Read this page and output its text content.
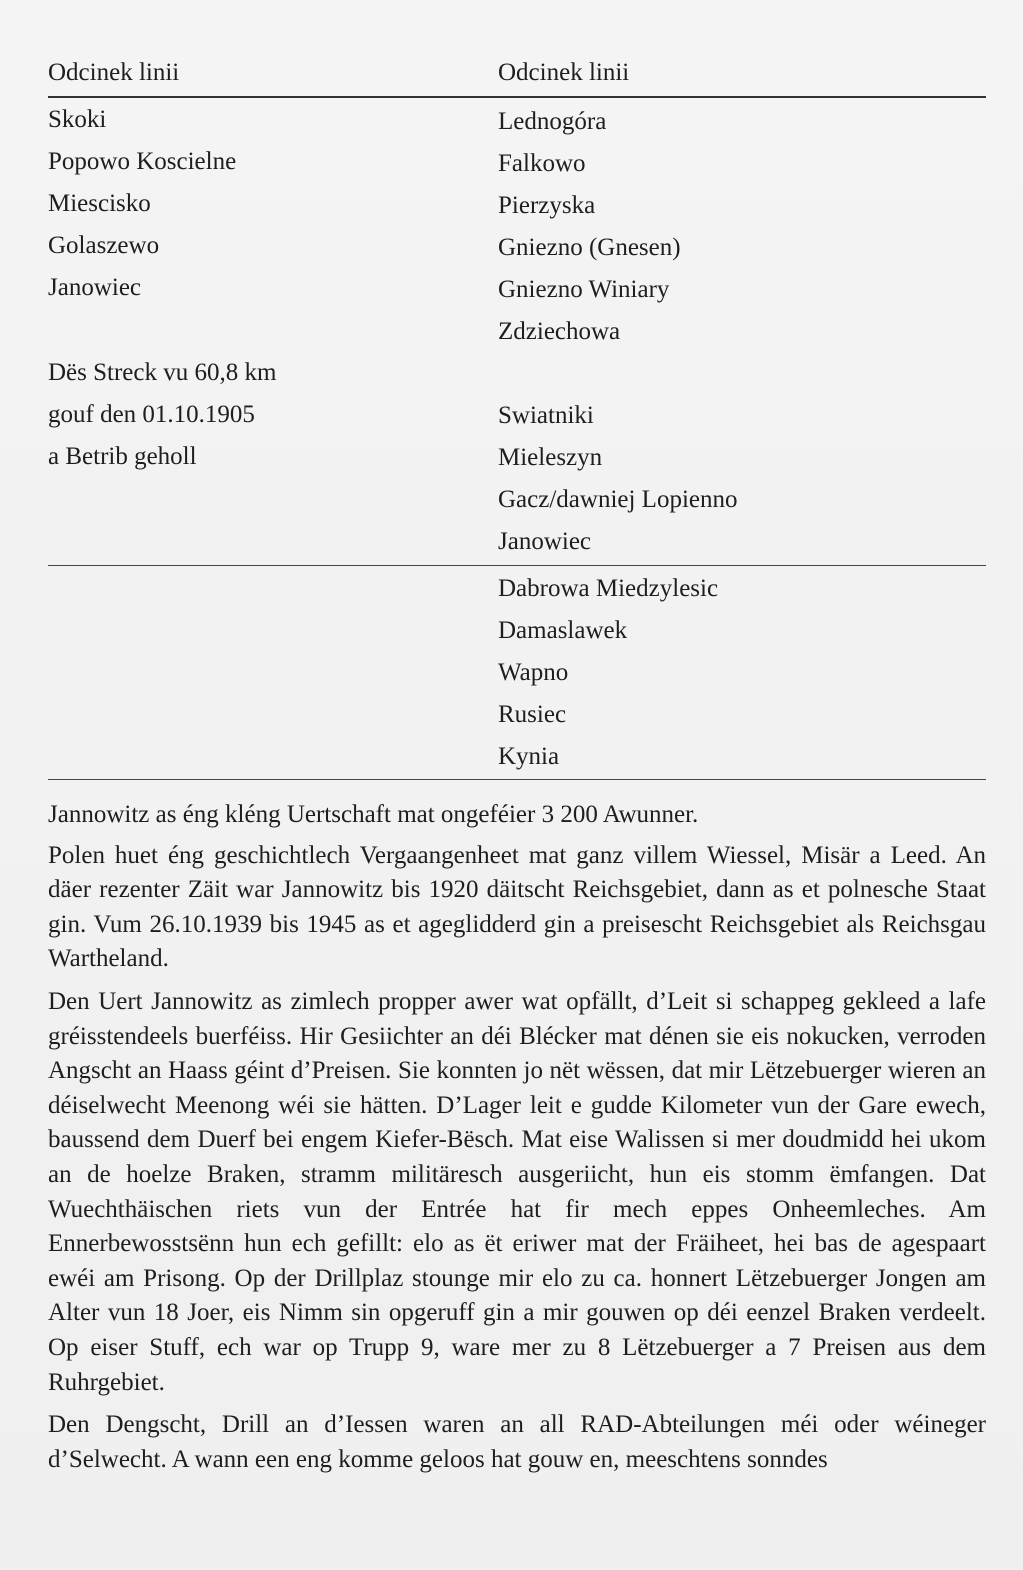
Odcinek linii	Odcinek linii
Skoki
Popowo Koscielne
Miescisko
Golaszewo
Janowiec
Dës Streck vu 60,8 km
gouf den 01.10.1905
a Betrib geholl
Lednogóra
Falkowo
Pierzyska
Gniezno (Gnesen)
Gniezno Winiary
Zdziechowa
Swiatniki
Mieleszyn
Gacz/dawniej Lopienno
Janowiec
Dabrowa Miedzylesic
Damaslawek
Wapno
Rusiec
Kynia

Jannowitz as éng kléng Uertschaft mat ongeféier 3 200 Awunner.

Polen huet éng geschichtlech Vergaangenheet mat ganz villem Wiessel, Misär a Leed. An däer rezenter Zäit war Jannowitz bis 1920 däitscht Reichsgebiet, dann as et polnesche Staat gin. Vum 26.10.1939 bis 1945 as et ageglidderd gin a preisescht Reichsgebiet als Reichsgau Wartheland.

Den Uert Jannowitz as zimlech propper awer wat opfällt, d’Leit si schappeg gekleed a lafe gréisstendeels buerféiss. Hir Gesiichter an déi Blécker mat dénen sie eis nokucken, verroden Angscht an Haass géint d’Preisen. Sie konnten jo nët wëssen, dat mir Lëtzebuerger wieren an déiselwecht Meenong wéi sie hätten. D’Lager leit e gudde Kilometer vun der Gare ewech, baussend dem Duerf bei engem Kiefer-Bësch. Mat eise Walissen si mer doudmidd hei ukom an de hoelze Braken, stramm militäresch ausgeriicht, hun eis stomm ëmfangen. Dat Wuechthäischen riets vun der Entrée hat fir mech eppes Onheemleches. Am Ennerbewosstsënn hun ech gefillt: elo as ët eriwer mat der Fräiheet, hei bas de agespaart ewéi am Prisong. Op der Drillplaz stounge mir elo zu ca. honnert Lëtzebuerger Jongen am Alter vun 18 Joer, eis Nimm sin opgeruff gin a mir gouwen op déi eenzel Braken verdeelt. Op eiser Stuff, ech war op Trupp 9, ware mer zu 8 Lëtzebuerger a 7 Preisen aus dem Ruhrgebiet.

Den Dengscht, Drill an d’Iessen waren an all RAD-Abteilungen méi oder wéineger d’Selwecht. A wann een eng komme geloos hat gouw en, meeschtens sonndes
